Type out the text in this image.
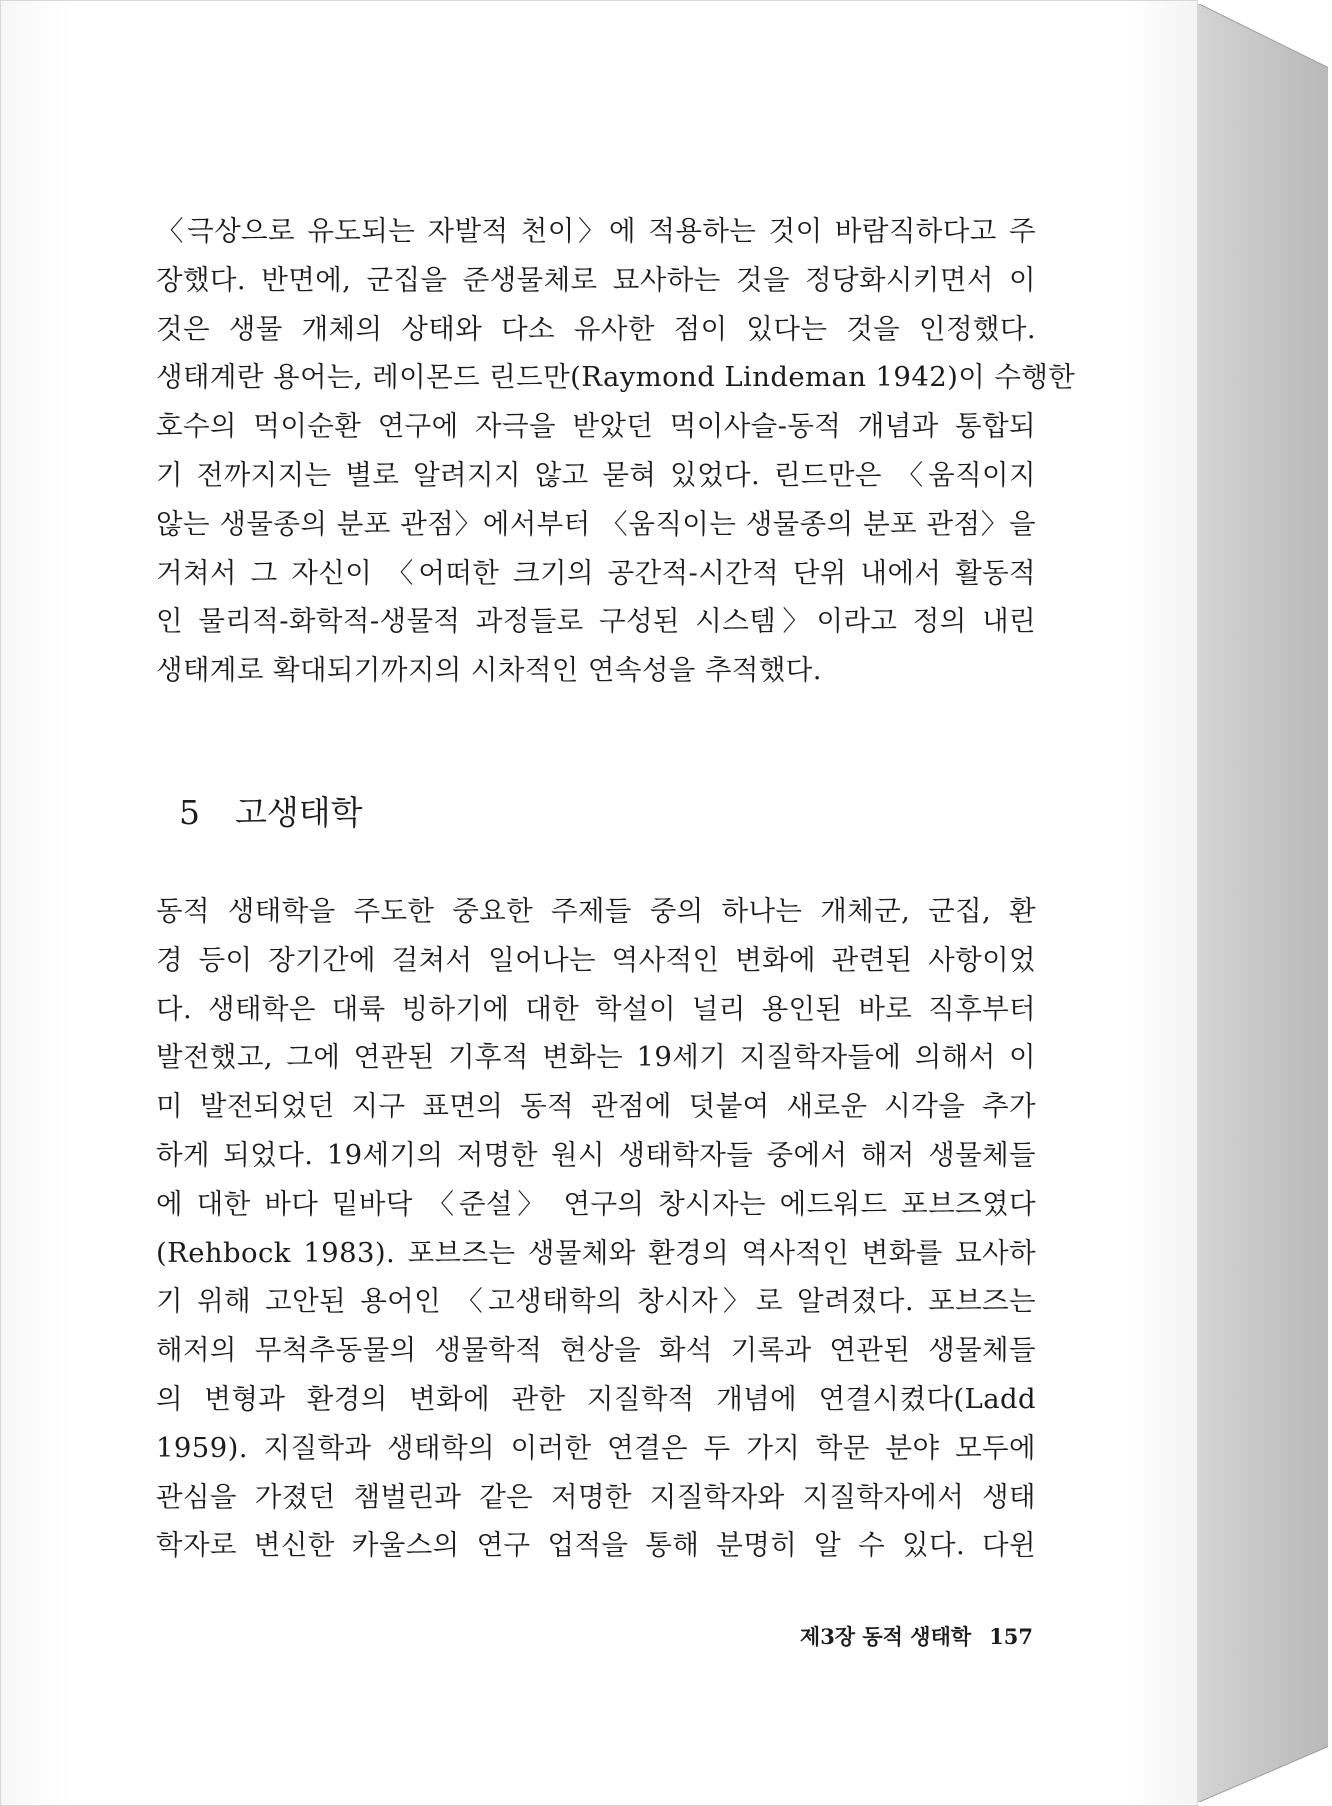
〈극상으로 유도되는 자발적 천이〉에 적용하는 것이 바람직하다고 주
장했다. 반면에, 군집을 준생물체로 묘사하는 것을 정당화시키면서 이
것은 생물 개체의 상태와 다소 유사한 점이 있다는 것을 인정했다.
생태계란 용어는, 레이몬드 린드만(Raymond Lindeman 1942)이 수행한
호수의 먹이순환 연구에 자극을 받았던 먹이사슬-동적 개념과 통합되
기 전까지지는 별로 알려지지 않고 묻혀 있었다. 린드만은 〈움직이지
않는 생물종의 분포 관점〉에서부터 〈움직이는 생물종의 분포 관점〉을
거쳐서 그 자신이 〈어떠한 크기의 공간적-시간적 단위 내에서 활동적
인 물리적-화학적-생물적 과정들로 구성된 시스템〉이라고 정의 내린
생태계로 확대되기까지의 시차적인 연속성을 추적했다.
5 고생태학
동적 생태학을 주도한 중요한 주제들 중의 하나는 개체군, 군집, 환
경 등이 장기간에 걸쳐서 일어나는 역사적인 변화에 관련된 사항이었
다. 생태학은 대륙 빙하기에 대한 학설이 널리 용인된 바로 직후부터
발전했고, 그에 연관된 기후적 변화는 19세기 지질학자들에 의해서 이
미 발전되었던 지구 표면의 동적 관점에 덧붙여 새로운 시각을 추가
하게 되었다. 19세기의 저명한 원시 생태학자들 중에서 해저 생물체들
에 대한 바다 밑바닥 〈준설〉 연구의 창시자는 에드워드 포브즈였다
(Rehbock 1983). 포브즈는 생물체와 환경의 역사적인 변화를 묘사하
기 위해 고안된 용어인 〈고생태학의 창시자〉로 알려졌다. 포브즈는
해저의 무척추동물의 생물학적 현상을 화석 기록과 연관된 생물체들
의 변형과 환경의 변화에 관한 지질학적 개념에 연결시켰다(Ladd
1959). 지질학과 생태학의 이러한 연결은 두 가지 학문 분야 모두에
관심을 가졌던 챔벌린과 같은 저명한 지질학자와 지질학자에서 생태
학자로 변신한 카울스의 연구 업적을 통해 분명히 알 수 있다. 다윈
제3장 동적 생태학 157
